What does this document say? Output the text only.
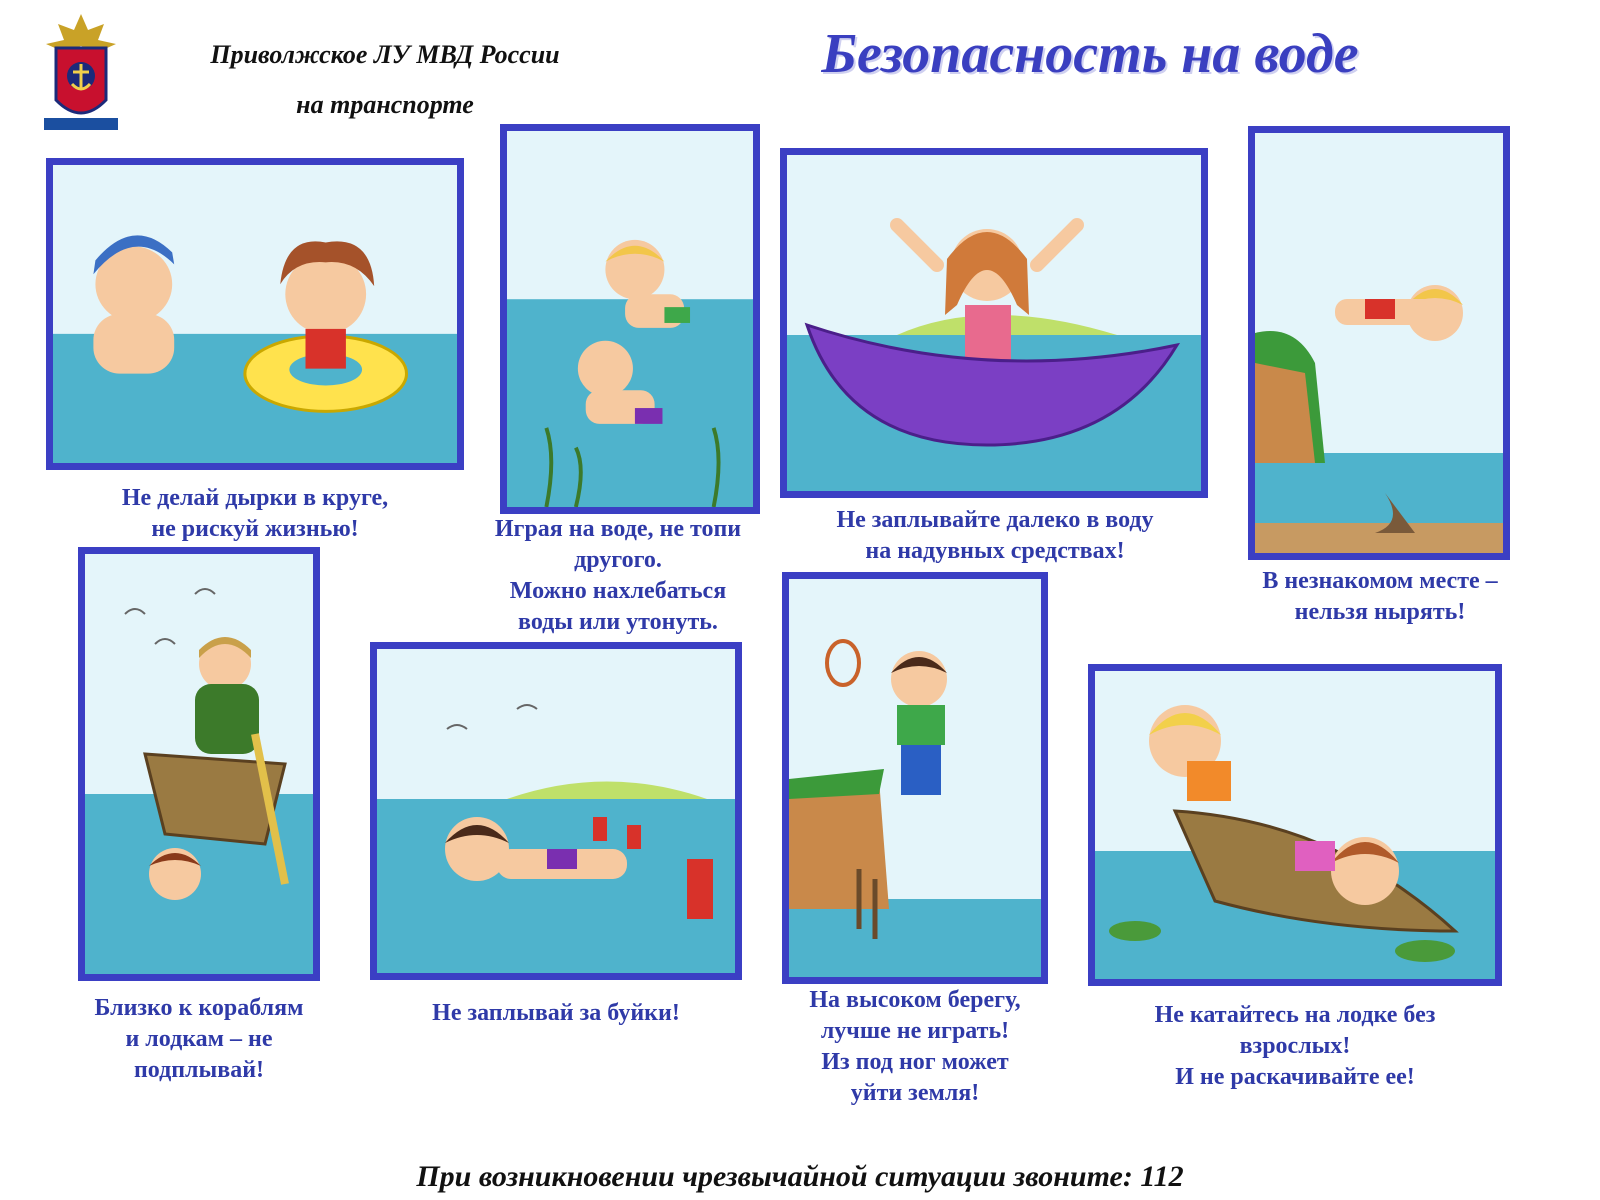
Приволжское ЛУ МВД России
на транспорте
Безопасность на воде
Не делай дырки в круге,
не рискуй жизнью!	Играя на воде, не топи
другого.
Можно нахлебаться
воды или утонуть.
Не заплывайте далеко в воду
на надувных средствах!
В незнакомом месте –
нельзя нырять!
Близко к кораблям
и лодкам – не
подплывай!
Не заплывай за буйки!	На высоком берегу,
лучше не играть!
Из под ног может
уйти земля!
Не катайтесь на лодке без
взрослых!
И не раскачивайте ее!
При возникновении чрезвычайной ситуации звоните: 112
